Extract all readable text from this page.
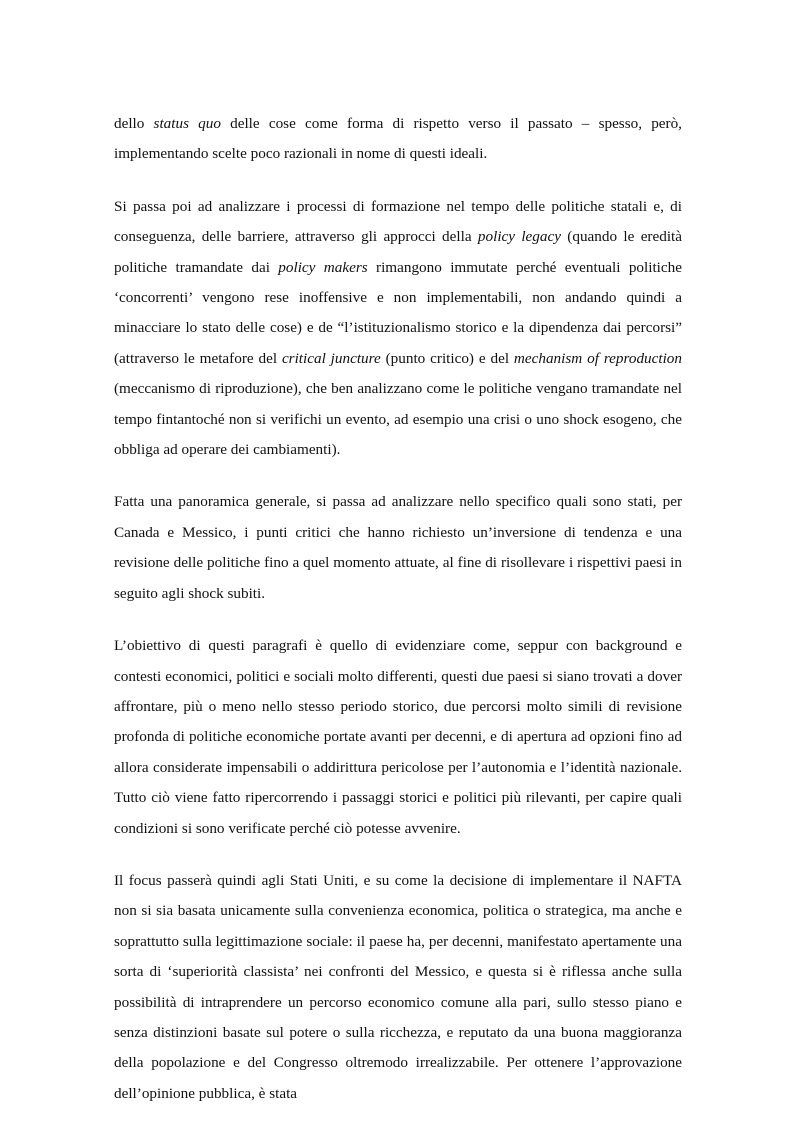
dello status quo delle cose come forma di rispetto verso il passato – spesso, però, implementando scelte poco razionali in nome di questi ideali.

Si passa poi ad analizzare i processi di formazione nel tempo delle politiche statali e, di conseguenza, delle barriere, attraverso gli approcci della policy legacy (quando le eredità politiche tramandate dai policy makers rimangono immutate perché eventuali politiche ‘concorrenti’ vengono rese inoffensive e non implementabili, non andando quindi a minacciare lo stato delle cose) e de “l’istituzionalismo storico e la dipendenza dai percorsi” (attraverso le metafore del critical juncture (punto critico) e del mechanism of reproduction (meccanismo di riproduzione), che ben analizzano come le politiche vengano tramandate nel tempo fintantoché non si verifichi un evento, ad esempio una crisi o uno shock esogeno, che obbliga ad operare dei cambiamenti).

Fatta una panoramica generale, si passa ad analizzare nello specifico quali sono stati, per Canada e Messico, i punti critici che hanno richiesto un’inversione di tendenza e una revisione delle politiche fino a quel momento attuate, al fine di risollevare i rispettivi paesi in seguito agli shock subiti.

L’obiettivo di questi paragrafi è quello di evidenziare come, seppur con background e contesti economici, politici e sociali molto differenti, questi due paesi si siano trovati a dover affrontare, più o meno nello stesso periodo storico, due percorsi molto simili di revisione profonda di politiche economiche portate avanti per decenni, e di apertura ad opzioni fino ad allora considerate impensabili o addirittura pericolose per l’autonomia e l’identità nazionale. Tutto ciò viene fatto ripercorrendo i passaggi storici e politici più rilevanti, per capire quali condizioni si sono verificate perché ciò potesse avvenire.

Il focus passerà quindi agli Stati Uniti, e su come la decisione di implementare il NAFTA non si sia basata unicamente sulla convenienza economica, politica o strategica, ma anche e soprattutto sulla legittimazione sociale: il paese ha, per decenni, manifestato apertamente una sorta di ‘superiorità classista’ nei confronti del Messico, e questa si è riflessa anche sulla possibilità di intraprendere un percorso economico comune alla pari, sullo stesso piano e senza distinzioni basate sul potere o sulla ricchezza, e reputato da una buona maggioranza della popolazione e del Congresso oltremodo irrealizzabile. Per ottenere l’approvazione dell’opinione pubblica, è stata
